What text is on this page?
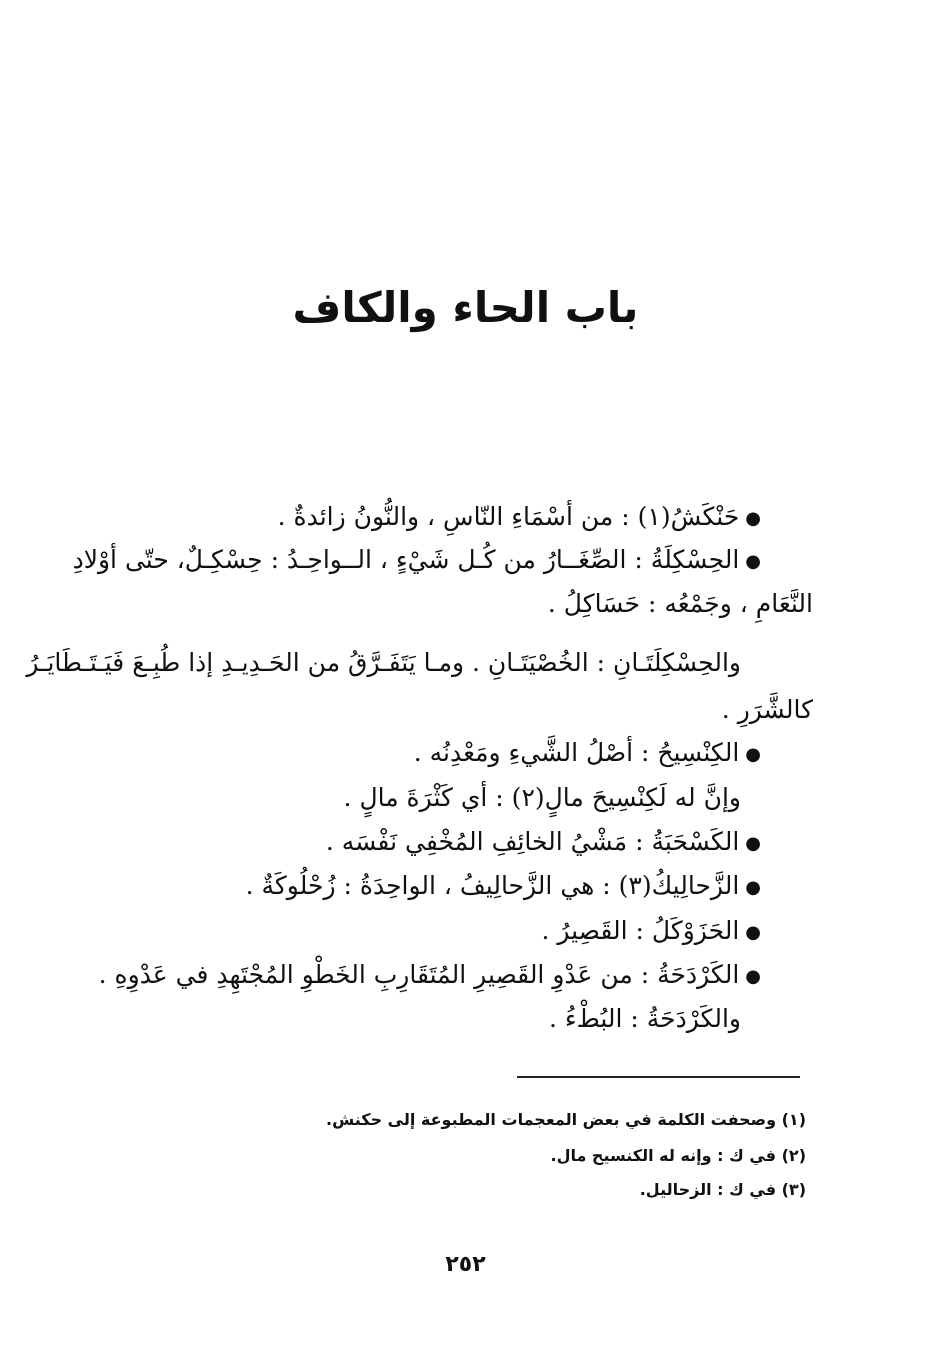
باب الحاء والكاف
●حَنْكَشُ(١) : من أسْمَاءِ النّاسِ ، والنُّونُ زائدةٌ .
●الحِسْكِلَةُ : الصِّغَــارُ من كُـل شَيْءٍ ، الــواحِـدُ : حِسْكِـلٌ، حتّى أوْلادِ
النَّعَامِ ، وجَمْعُه : حَسَاكِلُ .
والحِسْكِلَتَـانِ : الخُصْيَتَـانِ . ومـا يَتَفَـرَّقُ من الحَـدِيـدِ إذا طُبِـعَ فَيَـتَـطَايَـرُ
كالشَّرَرِ .
●الكِنْسِيحُ : أصْلُ الشَّيءِ ومَعْدِنُه .
وإنَّ له لَكِنْسِيحَ مالٍ(٢) : أي كَثْرَةَ مالٍ .
●الكَسْحَبَةُ : مَشْيُ الخائِفِ المُخْفِي نَفْسَه .
●الزَّحالِيكُ(٣) : هي الزَّحالِيفُ ، الواحِدَةُ : زُحْلُوكَةٌ .
●الحَزَوْكَلُ : القَصِيرُ .
●الكَرْدَحَةُ : من عَدْوِ القَصِيرِ المُتَقَارِبِ الخَطْوِ المُجْتَهِدِ في عَدْوِهِ .
والكَرْدَحَةُ : البُطْءُ .
(١) وصحفت الكلمة في بعض المعجمات المطبوعة إلى حكنش.
(٢) في ك : وإنه له الكنسيح مال.
(٣) في ك : الزحاليل.
٢٥٢
